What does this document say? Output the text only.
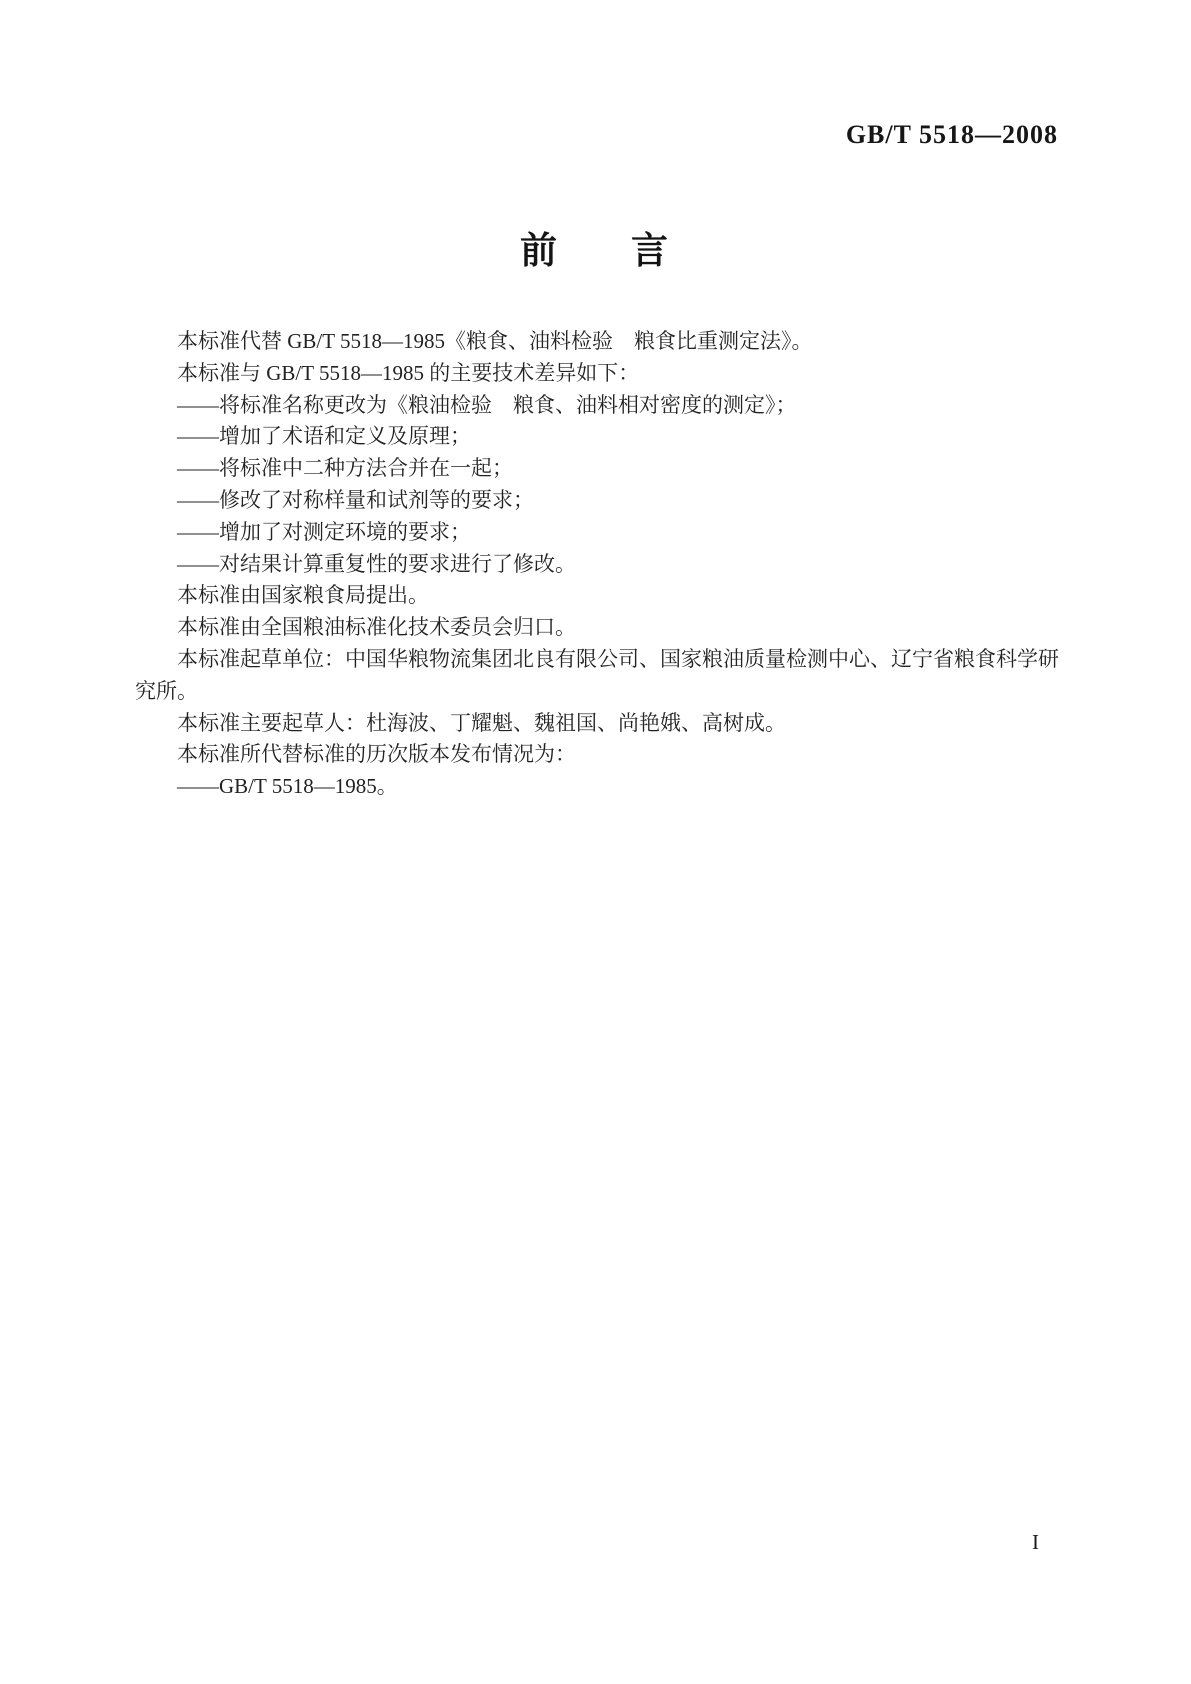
GB/T 5518—2008
前　　言
本标准代替 GB/T 5518—1985《粮食、油料检验　粮食比重测定法》。
本标准与 GB/T 5518—1985 的主要技术差异如下：
——将标准名称更改为《粮油检验　粮食、油料相对密度的测定》；
——增加了术语和定义及原理；
——将标准中二种方法合并在一起；
——修改了对称样量和试剂等的要求；
——增加了对测定环境的要求；
——对结果计算重复性的要求进行了修改。
本标准由国家粮食局提出。
本标准由全国粮油标准化技术委员会归口。
本标准起草单位：中国华粮物流集团北良有限公司、国家粮油质量检测中心、辽宁省粮食科学研
究所。
本标准主要起草人：杜海波、丁耀魁、魏祖国、尚艳娥、高树成。
本标准所代替标准的历次版本发布情况为：
——GB/T 5518—1985。
I
